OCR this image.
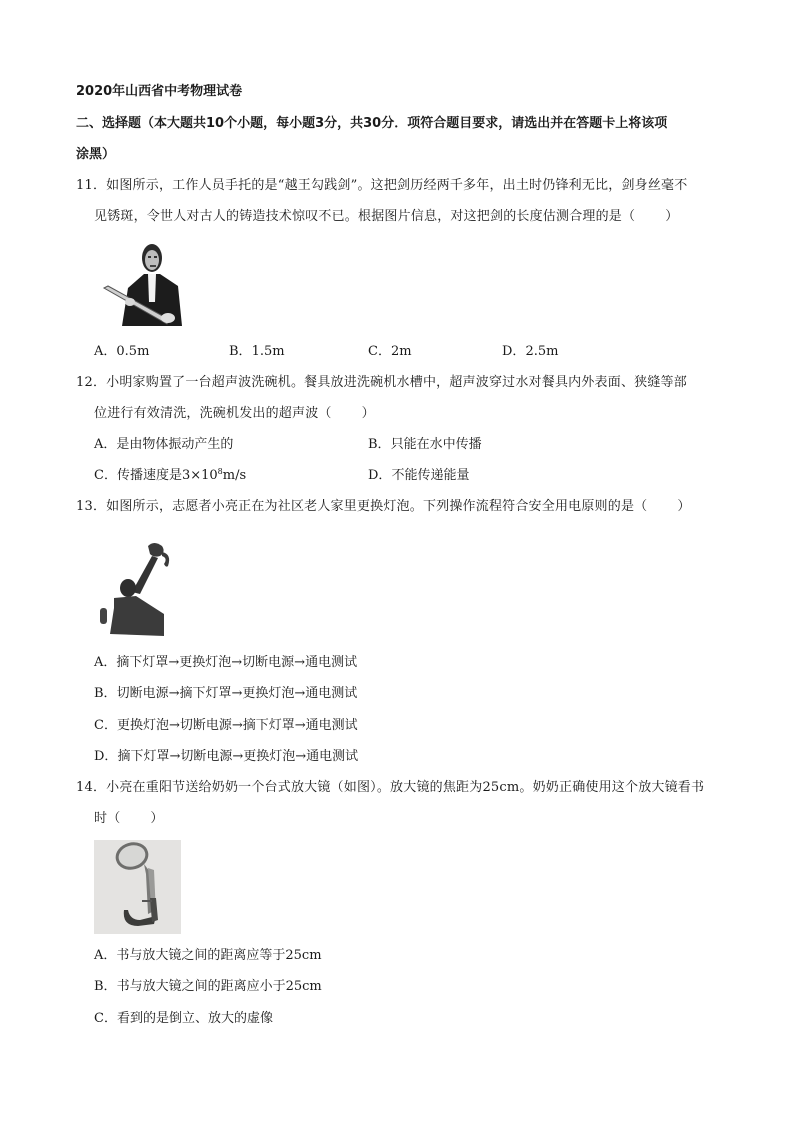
2020年山西省中考物理试卷
二、选择题（本大题共10个小题，每小题3分，共30分．项符合题目要求，请选出并在答题卡上将该项
涂黑）
11．如图所示，工作人员手托的是“越王勾践剑”。这把剑历经两千多年，出土时仍锋利无比，剑身丝毫不
见锈斑，令世人对古人的铸造技术惊叹不已。根据图片信息，对这把剑的长度估测合理的是（ ）
A．0.5m	B．1.5m	C．2m	D．2.5m
12．小明家购置了一台超声波洗碗机。餐具放进洗碗机水槽中，超声波穿过水对餐具内外表面、狭缝等部
位进行有效清洗，洗碗机发出的超声波（ ）
A．是由物体振动产生的	B．只能在水中传播
C．传播速度是$3\times 10^8m/s$	D．不能传递能量
13．如图所示，志愿者小亮正在为社区老人家里更换灯泡。下列操作流程符合安全用电原则的是（ ）
A．摘下灯罩→更换灯泡→切断电源→通电测试
B．切断电源→摘下灯罩→更换灯泡→通电测试
C．更换灯泡→切断电源→摘下灯罩→通电测试
D．摘下灯罩→切断电源→更换灯泡→通电测试
14．小亮在重阳节送给奶奶一个台式放大镜（如图）。放大镜的焦距为25cm。奶奶正确使用这个放大镜看书
时（ ）
A．书与放大镜之间的距离应等于25cm
B．书与放大镜之间的距离应小于25cm
C．看到的是倒立、放大的虚像
